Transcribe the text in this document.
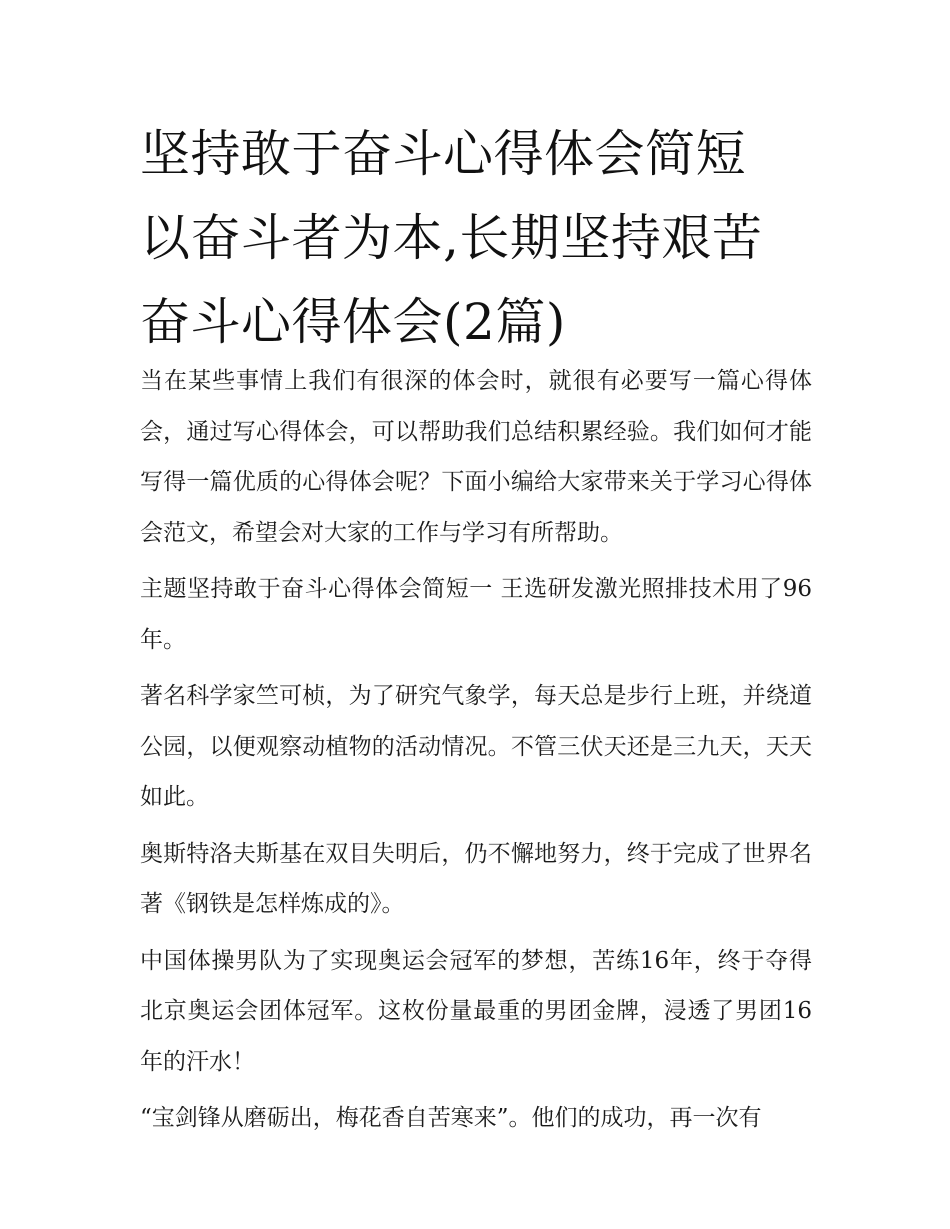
坚持敢于奋斗心得体会简短 以奋斗者为本,长期坚持艰苦奋斗心得体会(2篇)

当在某些事情上我们有很深的体会时，就很有必要写一篇心得体会，通过写心得体会，可以帮助我们总结积累经验。我们如何才能写得一篇优质的心得体会呢？下面小编给大家带来关于学习心得体会范文，希望会对大家的工作与学习有所帮助。

主题坚持敢于奋斗心得体会简短一 王选研发激光照排技术用了96年。

著名科学家竺可桢，为了研究气象学，每天总是步行上班，并绕道公园，以便观察动植物的活动情况。不管三伏天还是三九天，天天如此。

奥斯特洛夫斯基在双目失明后，仍不懈地努力，终于完成了世界名著《钢铁是怎样炼成的》。

中国体操男队为了实现奥运会冠军的梦想，苦练16年，终于夺得北京奥运会团体冠军。这枚份量最重的男团金牌，浸透了男团16年的汗水！

“宝剑锋从磨砺出，梅花香自苦寒来”。他们的成功，再一次有
